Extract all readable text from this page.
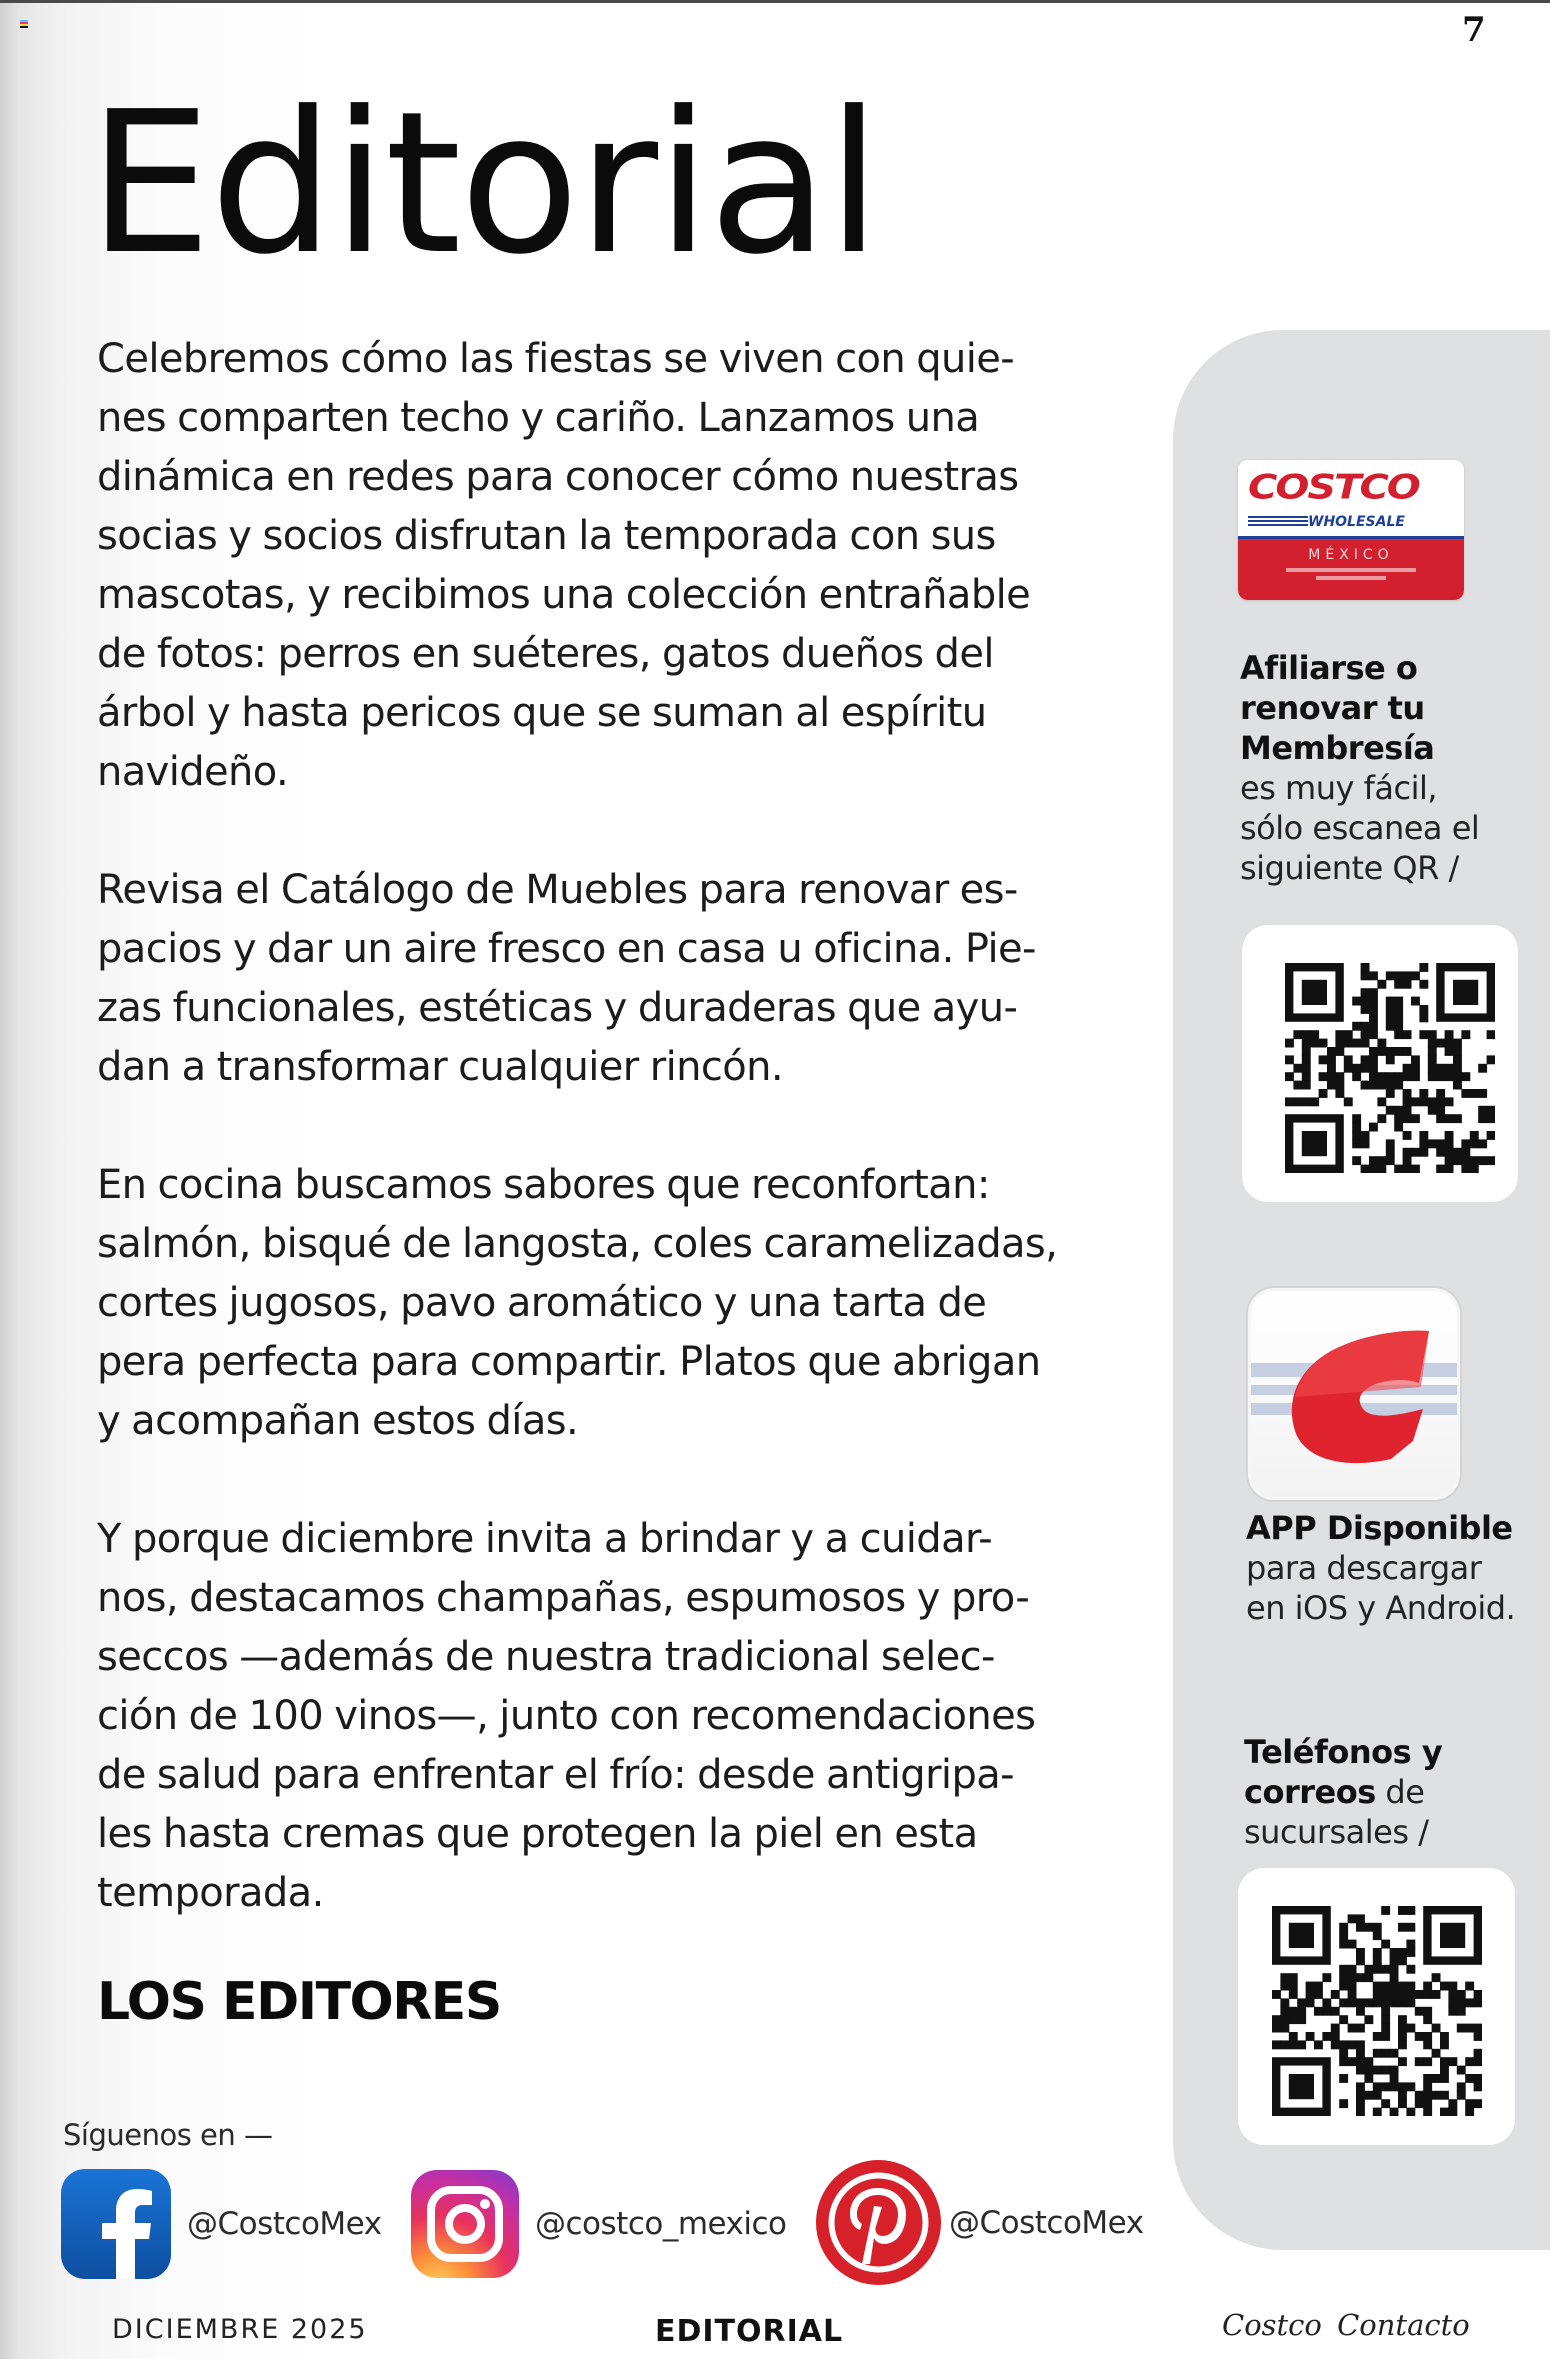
7
Editorial

Celebremos cómo las fiestas se viven con quie-
nes comparten techo y cariño. Lanzamos una
dinámica en redes para conocer cómo nuestras
socias y socios disfrutan la temporada con sus
mascotas, y recibimos una colección entrañable
de fotos: perros en suéteres, gatos dueños del
árbol y hasta pericos que se suman al espíritu
navideño.

Revisa el Catálogo de Muebles para renovar es-
pacios y dar un aire fresco en casa u oficina. Pie-
zas funcionales, estéticas y duraderas que ayu-
dan a transformar cualquier rincón.

En cocina buscamos sabores que reconfortan:
salmón, bisqué de langosta, coles caramelizadas,
cortes jugosos, pavo aromático y una tarta de
pera perfecta para compartir. Platos que abrigan
y acompañan estos días.

Y porque diciembre invita a brindar y a cuidar-
nos, destacamos champañas, espumosos y pro-
seccos —además de nuestra tradicional selec-
ción de 100 vinos—, junto con recomendaciones
de salud para enfrentar el frío: desde antigripa-
les hasta cremas que protegen la piel en esta
temporada.

LOS EDITORES
Síguenos en —
@CostcoMex	@costco_mexico	@CostcoMex
DICIEMBRE 2025	EDITORIAL	Costco Contacto
COSTCO
WHOLESALE
MÉXICO
Afiliarse o
renovar tu
Membresía
es muy fácil,
sólo escanea el
siguiente QR /
APP Disponible
para descargar
en iOS y Android.
Teléfonos y
correos de
sucursales /
